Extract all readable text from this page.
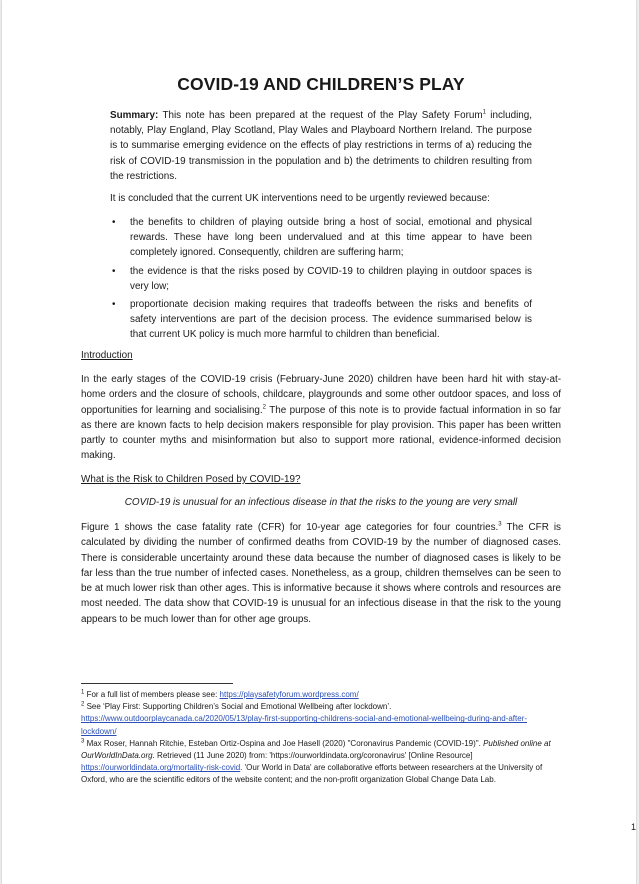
COVID-19 AND CHILDREN’S PLAY
Summary: This note has been prepared at the request of the Play Safety Forum$^1$ including, notably, Play England, Play Scotland, Play Wales and Playboard Northern Ireland. The purpose is to summarise emerging evidence on the effects of play restrictions in terms of a) reducing the risk of COVID-19 transmission in the population and b) the detriments to children resulting from the restrictions.
It is concluded that the current UK interventions need to be urgently reviewed because:
• the benefits to children of playing outside bring a host of social, emotional and physical rewards. These have long been undervalued and at this time appear to have been completely ignored. Consequently, children are suffering harm;
• the evidence is that the risks posed by COVID-19 to children playing in outdoor spaces is very low;
• proportionate decision making requires that tradeoffs between the risks and benefits of safety interventions are part of the decision process. The evidence summarised below is that current UK policy is much more harmful to children than beneficial.
Introduction
In the early stages of the COVID-19 crisis (February-June 2020) children have been hard hit with stay-at-home orders and the closure of schools, childcare, playgrounds and some other outdoor spaces, and loss of opportunities for learning and socialising.$^2$ The purpose of this note is to provide factual information in so far as there are known facts to help decision makers responsible for play provision. This paper has been written partly to counter myths and misinformation but also to support more rational, evidence-informed decision making.
What is the Risk to Children Posed by COVID-19?
COVID-19 is unusual for an infectious disease in that the risks to the young are very small
Figure 1 shows the case fatality rate (CFR) for 10-year age categories for four countries.$^3$ The CFR is calculated by dividing the number of confirmed deaths from COVID-19 by the number of diagnosed cases. There is considerable uncertainty around these data because the number of diagnosed cases is likely to be far less than the true number of infected cases. Nonetheless, as a group, children themselves can be seen to be at much lower risk than other ages. This is informative because it shows where controls and resources are most needed. The data show that COVID-19 is unusual for an infectious disease in that the risk to the young appears to be much lower than for other age groups.

$^1$ For a full list of members please see: https://playsafetyforum.wordpress.com/

$^2$ See ‘Play First: Supporting Children’s Social and Emotional Wellbeing after lockdown’.
https://www.outdoorplaycanada.ca/2020/05/13/play-first-supporting-childrens-social-and-emotional-wellbeing-during-and-after-lockdown/

$^3$ Max Roser, Hannah Ritchie, Esteban Ortiz-Ospina and Joe Hasell (2020) "Coronavirus Pandemic (COVID-19)". Published online at OurWorldInData.org. Retrieved (11 June 2020) from: 'https://ourworldindata.org/coronavirus' [Online Resource] https://ourworldindata.org/mortality-risk-covid. 'Our World in Data' are collaborative efforts between researchers at the University of Oxford, who are the scientific editors of the website content; and the non-profit organization Global Change Data Lab.

1
